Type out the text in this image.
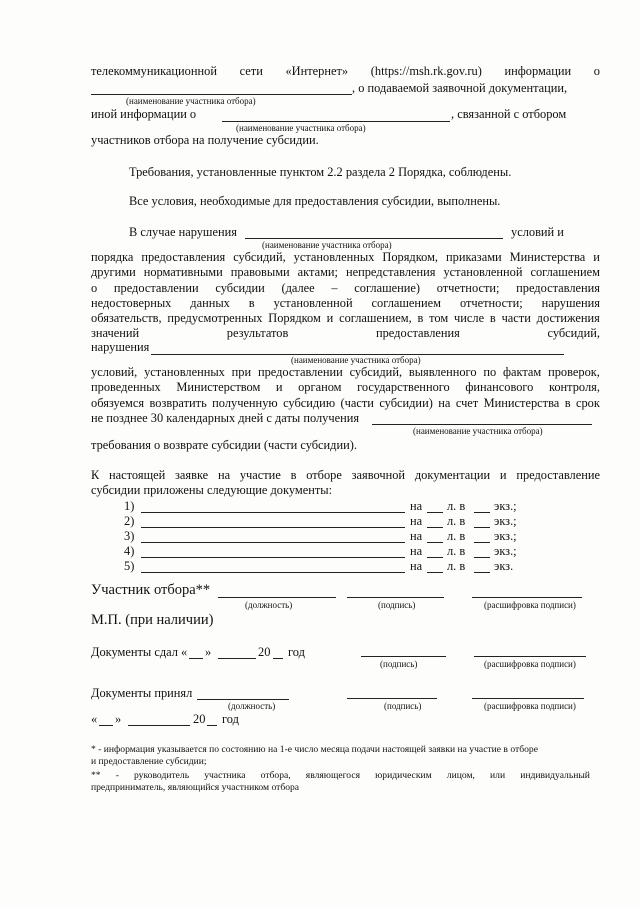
телекоммуникационной сети «Интернет» (https://msh.rk.gov.ru) информации о
, о подаваемой заявочной документации,
(наименование участника отбора)
иной информации о	, связанной с отбором
(наименование участника отбора)
участников отбора на получение субсидии.
Требования, установленные пунктом 2.2 раздела 2 Порядка, соблюдены.
Все условия, необходимые для предоставления субсидии, выполнены.
В случае нарушения	условий и
(наименование участника отбора)
порядка предоставления субсидий, установленных Порядком, приказами Министерства и
другими нормативными правовыми актами; непредставления установленной соглашением
о предоставлении субсидии (далее – соглашение) отчетности; предоставления
недостоверных данных в установленной соглашением отчетности; нарушения
обязательств, предусмотренных Порядком и соглашением, в том числе в части достижения
значений	результатов	предоставления	субсидий,
нарушения
(наименование участника отбора)
условий, установленных при предоставлении субсидий, выявленного по фактам проверок,
проведенных Министерством и органом государственного финансового контроля,
обязуемся возвратить полученную субсидию (части субсидии) на счет Министерства в срок
не позднее 30 календарных дней с даты получения
(наименование участника отбора)
требования о возврате субсидии (части субсидии).
К настоящей заявке на участие в отборе заявочной документации и предоставление
субсидии приложены следующие документы:
1)	на л. в экз.;
2)	на л. в экз.;
3)	на л. в экз.;
4)	на л. в экз.;
5)	на л. в экз.
Участник отбора**
(должность)	(подпись)	(расшифровка подписи)
М.П. (при наличии)
Документы сдал « »	20 год
(подпись)	(расшифровка подписи)
Документы принял
(должность)	(подпись)	(расшифровка подписи)
« »	20 год
* - информация указывается по состоянию на 1-е число месяца подачи настоящей заявки на участие в отборе
и предоставление субсидии;
** - руководитель участника отбора, являющегося юридическим лицом, или индивидуальный
предприниматель, являющийся участником отбора
